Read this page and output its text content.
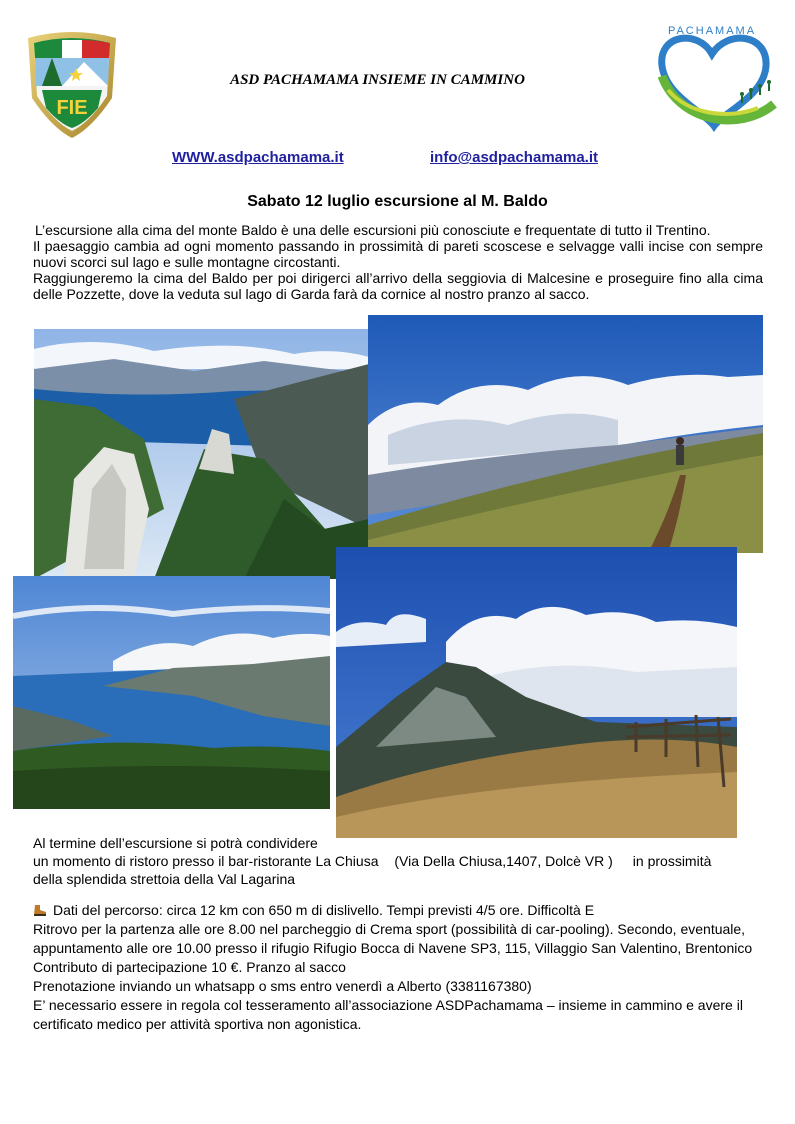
FIE
PACHAMAMA
ASD PACHAMAMA INSIEME IN CAMMINO
WWW.asdpachamama.it	info@asdpachamama.it
Sabato 12 luglio escursione al M. Baldo
L’escursione alla cima del monte Baldo è una delle escursioni più conosciute e frequentate di tutto il Trentino.
Il paesaggio cambia ad ogni momento passando in prossimità di pareti scoscese e selvagge valli incise con sempre nuovi scorci sul lago e sulle montagne circostanti.
Raggiungeremo la cima del Baldo per poi dirigerci all’arrivo della seggiovia di Malcesine e proseguire fino alla cima delle Pozzette, dove la veduta sul lago di Garda farà da cornice al nostro pranzo al sacco.
Al termine dell’escursione si potrà condividere
un momento di ristoro presso il bar-ristorante La Chiusa (Via Della Chiusa,1407, Dolcè VR ) in prossimità
della splendida strettoia della Val Lagarina
Dati del percorso: circa 12 km con 650 m di dislivello. Tempi previsti 4/5 ore. Difficoltà E
Ritrovo per la partenza alle ore 8.00 nel parcheggio di Crema sport (possibilità di car-pooling). Secondo, eventuale, appuntamento alle ore 10.00 presso il rifugio Rifugio Bocca di Navene SP3, 115, Villaggio San Valentino, Brentonico
Contributo di partecipazione 10 €. Pranzo al sacco
Prenotazione inviando un whatsapp o sms entro venerdì a Alberto (3381167380)
E’ necessario essere in regola col tesseramento all’associazione ASDPachamama – insieme in cammino e avere il certificato medico per attività sportiva non agonistica.
